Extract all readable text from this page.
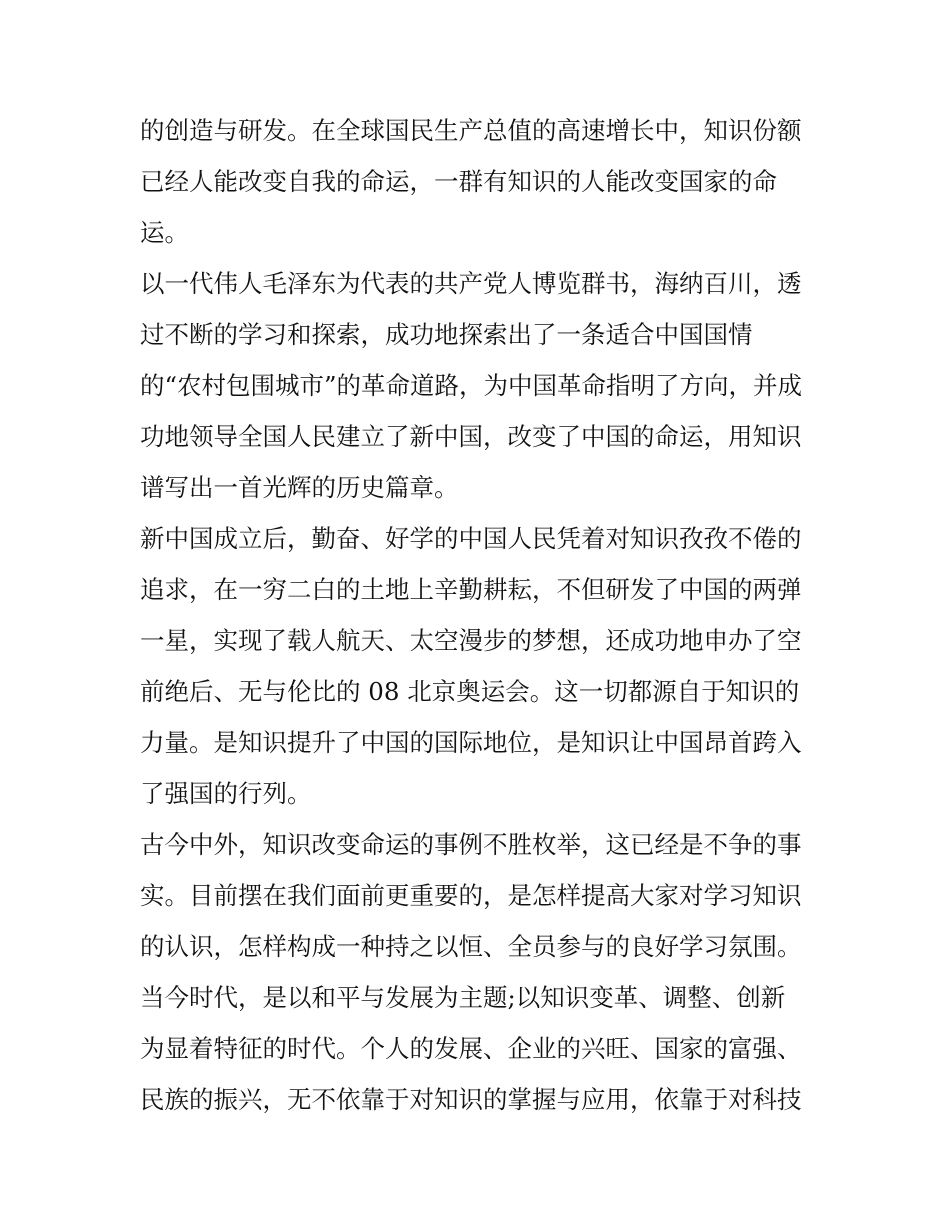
的创造与研发。在全球国民生产总值的高速增长中，知识份额
已经人能改变自我的命运，一群有知识的人能改变国家的命
运。
以一代伟人毛泽东为代表的共产党人博览群书，海纳百川，透
过不断的学习和探索，成功地探索出了一条适合中国国情
的“农村包围城市”的革命道路，为中国革命指明了方向，并成
功地领导全国人民建立了新中国，改变了中国的命运，用知识
谱写出一首光辉的历史篇章。
新中国成立后，勤奋、好学的中国人民凭着对知识孜孜不倦的
追求，在一穷二白的土地上辛勤耕耘，不但研发了中国的两弹
一星，实现了载人航天、太空漫步的梦想，还成功地申办了空
前绝后、无与伦比的 08 北京奥运会。这一切都源自于知识的
力量。是知识提升了中国的国际地位，是知识让中国昂首跨入
了强国的行列。
古今中外，知识改变命运的事例不胜枚举，这已经是不争的事
实。目前摆在我们面前更重要的，是怎样提高大家对学习知识
的认识，怎样构成一种持之以恒、全员参与的良好学习氛围。
当今时代，是以和平与发展为主题;以知识变革、调整、创新
为显着特征的时代。个人的发展、企业的兴旺、国家的富强、
民族的振兴，无不依靠于对知识的掌握与应用，依靠于对科技
